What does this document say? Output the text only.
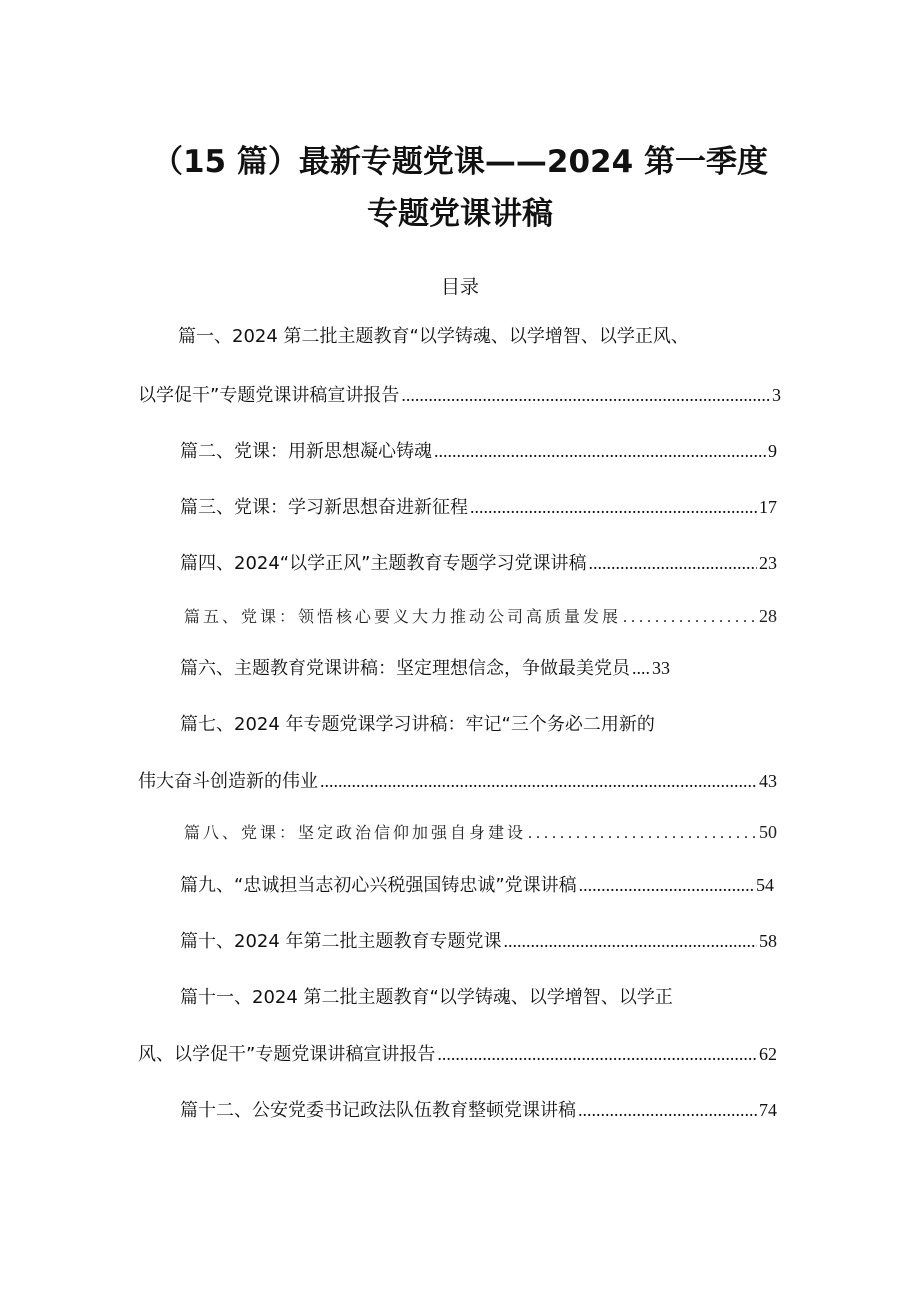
（15 篇）最新专题党课——2024 第一季度
专题党课讲稿
目录
篇一、2024 第二批主题教育“以学铸魂、以学增智、以学正风、
以学促干”专题党课讲稿宣讲报告 .....	3
篇二、党课：用新思想凝心铸魂 .....	9
篇三、党课：学习新思想奋进新征程 .....	17
篇四、2024“以学正风”主题教育专题学习党课讲稿 .....	23
篇五、党课：领悟核心要义大力推动公司高质量发展 . . .	28
篇六、主题教育党课讲稿：坚定理想信念，争做最美党员 .... 33
篇七、2024 年专题党课学习讲稿：牢记“三个务必二用新的
伟大奋斗创造新的伟业 .....	43
篇八、党课：坚定政治信仰加强自身建设 . . .	50
篇九、“忠诚担当志初心兴税强国铸忠诚”党课讲稿 .....	54
篇十、2024 年第二批主题教育专题党课 .....	58
篇十一、2024 第二批主题教育“以学铸魂、以学增智、以学正
风、以学促干”专题党课讲稿宣讲报告 .....	62
篇十二、公安党委书记政法队伍教育整顿党课讲稿 .....	74
